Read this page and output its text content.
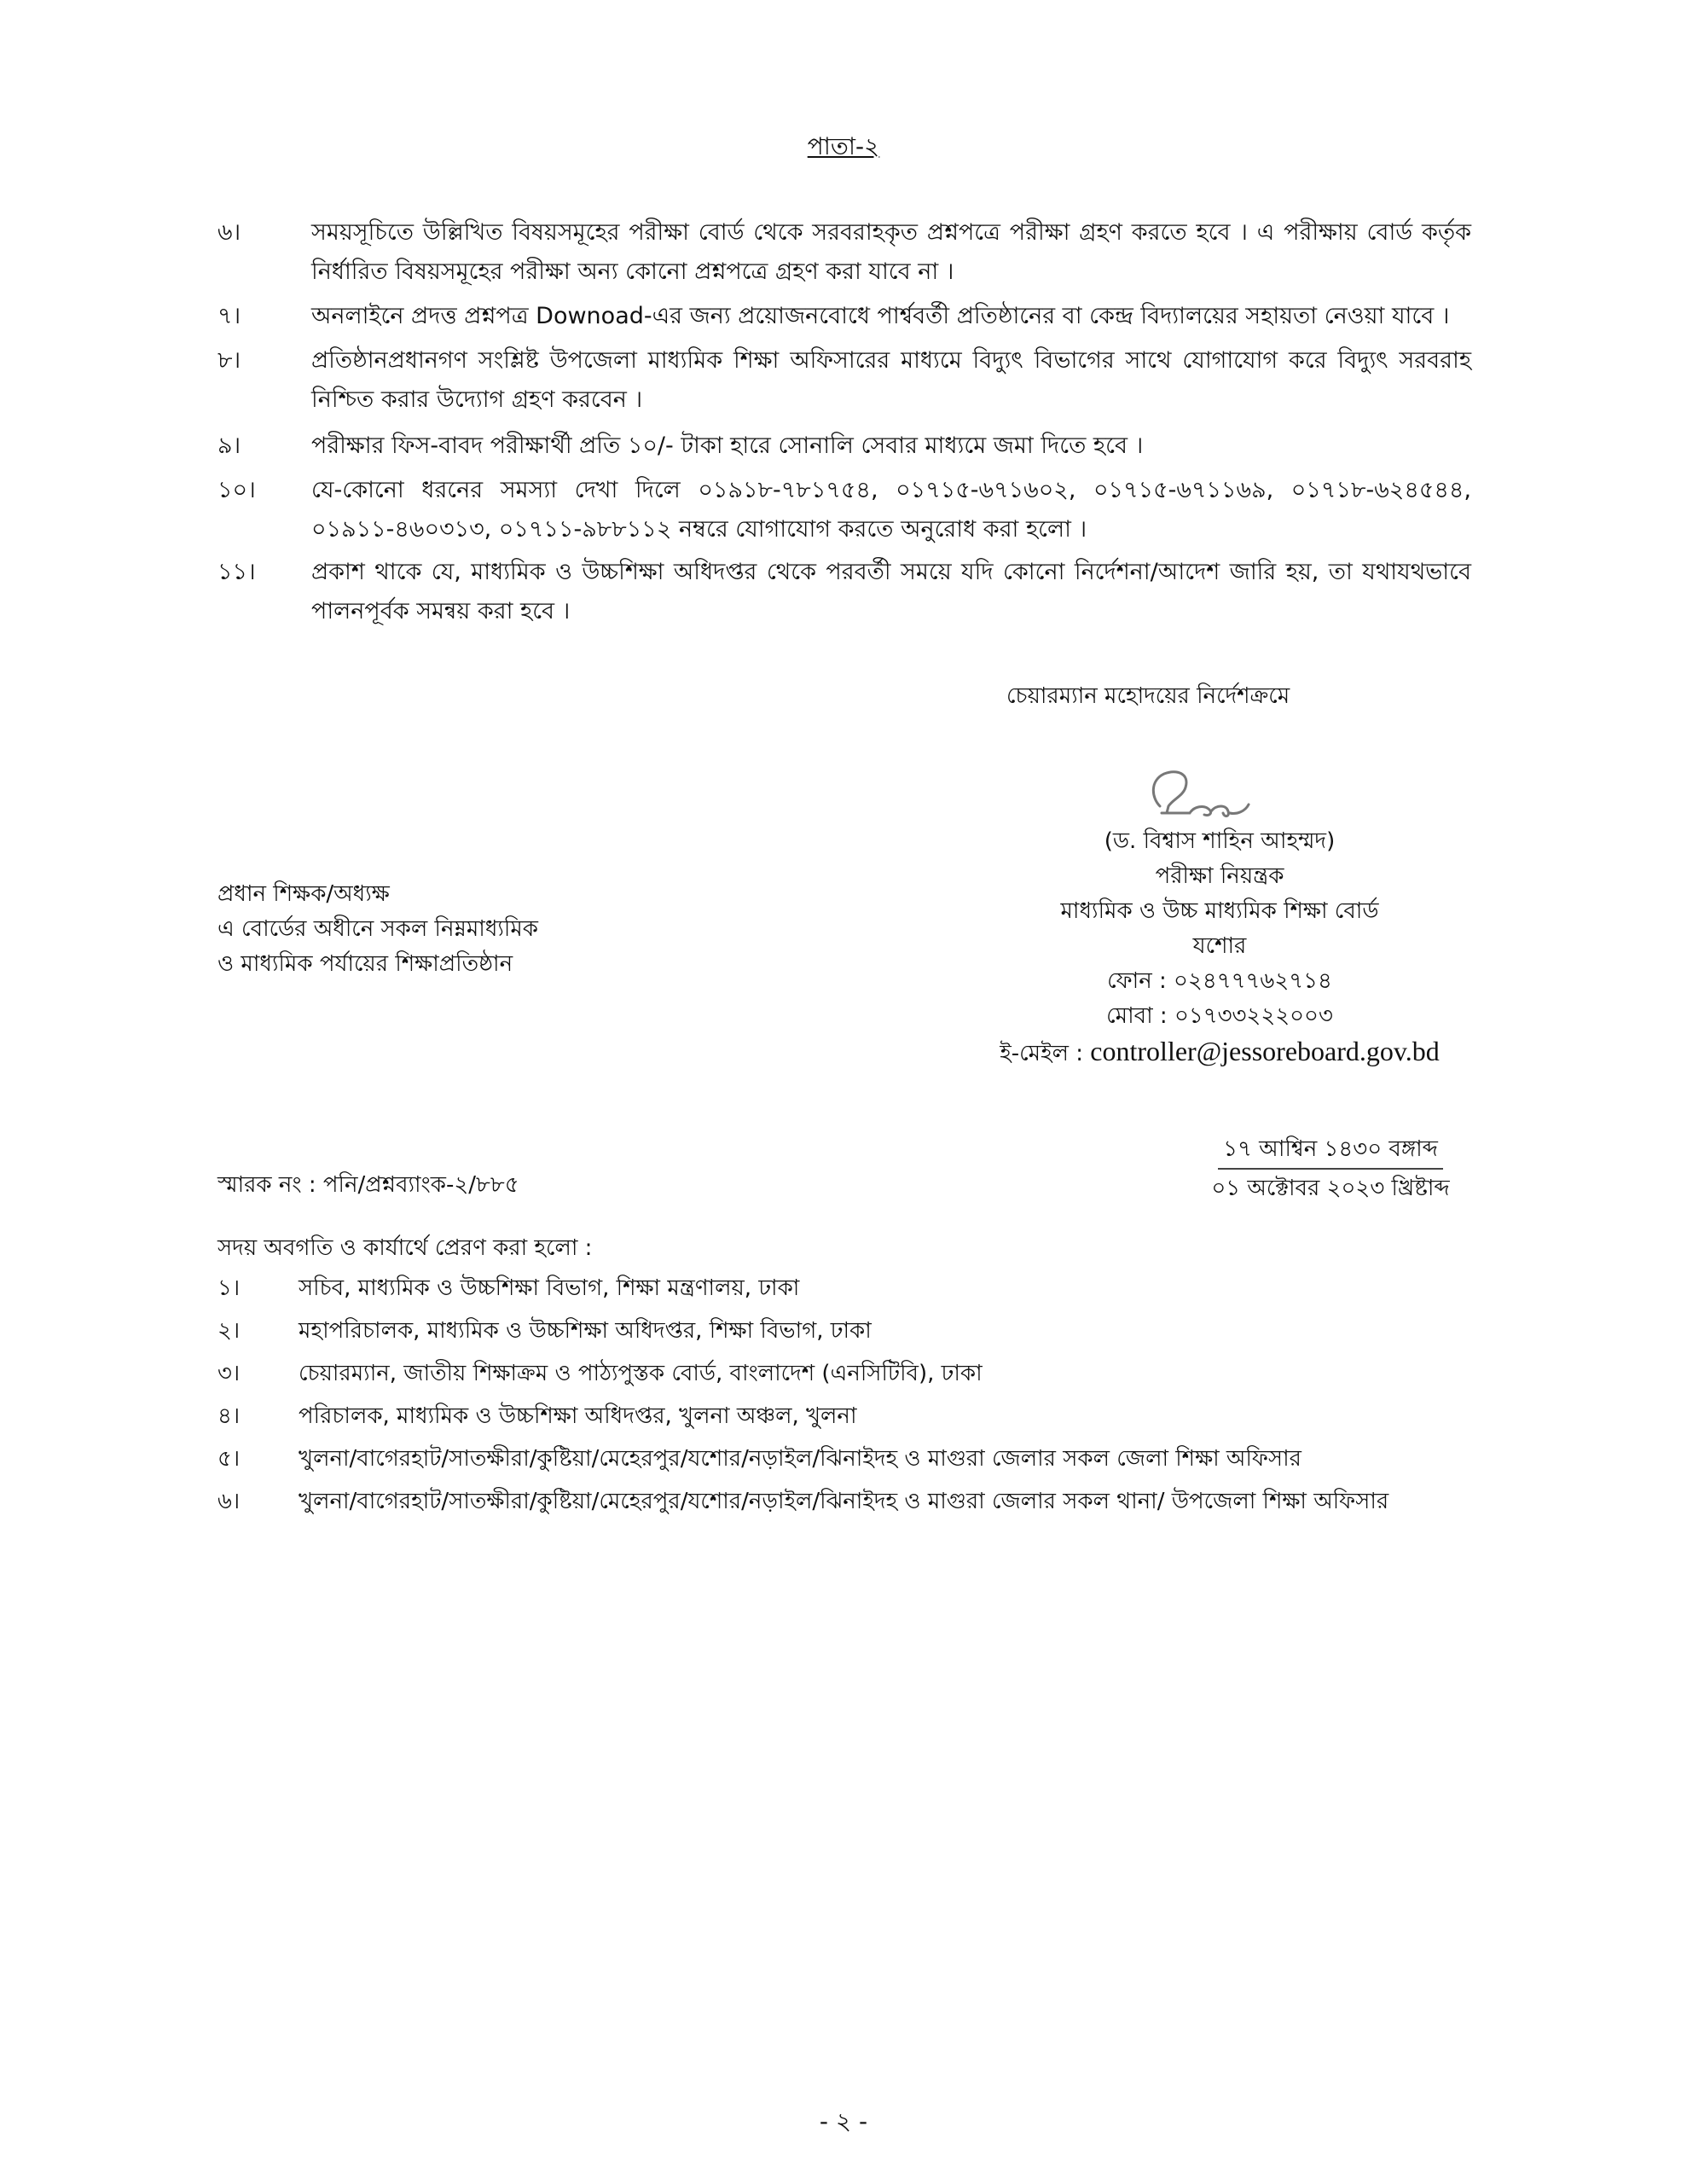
পাতা-২
৬।	সময়সূচিতে উল্লিখিত বিষয়সমূহের পরীক্ষা বোর্ড থেকে সরবরাহকৃত প্রশ্নপত্রে পরীক্ষা গ্রহণ করতে হবে । এ পরীক্ষায় বোর্ড কর্তৃক নির্ধারিত বিষয়সমূহের পরীক্ষা অন্য কোনো প্রশ্নপত্রে গ্রহণ করা যাবে না ।
৭।	অনলাইনে প্রদত্ত প্রশ্নপত্র Downoad-এর জন্য প্রয়োজনবোধে পার্শ্ববর্তী প্রতিষ্ঠানের বা কেন্দ্র বিদ্যালয়ের সহায়তা নেওয়া যাবে ।
৮।	প্রতিষ্ঠানপ্রধানগণ সংশ্লিষ্ট উপজেলা মাধ্যমিক শিক্ষা অফিসারের মাধ্যমে বিদ্যুৎ বিভাগের সাথে যোগাযোগ করে বিদ্যুৎ সরবরাহ নিশ্চিত করার উদ্যোগ গ্রহণ করবেন ।
৯।	পরীক্ষার ফিস-বাবদ পরীক্ষার্থী প্রতি ১০/- টাকা হারে সোনালি সেবার মাধ্যমে জমা দিতে হবে ।
১০।	যে-কোনো ধরনের সমস্যা দেখা দিলে ০১৯১৮-৭৮১৭৫৪, ০১৭১৫-৬৭১৬০২, ০১৭১৫-৬৭১১৬৯, ০১৭১৮-৬২৪৫৪৪, ০১৯১১-৪৬০৩১৩, ০১৭১১-৯৮৮১১২ নম্বরে যোগাযোগ করতে অনুরোধ করা হলো ।
১১।	প্রকাশ থাকে যে, মাধ্যমিক ও উচ্চশিক্ষা অধিদপ্তর থেকে পরবর্তী সময়ে যদি কোনো নির্দেশনা/আদেশ জারি হয়, তা যথাযথভাবে পালনপূর্বক সমন্বয় করা হবে ।
চেয়ারম্যান মহোদয়ের নির্দেশক্রমে
(ড. বিশ্বাস শাহিন আহম্মদ)
পরীক্ষা নিয়ন্ত্রক
মাধ্যমিক ও উচ্চ মাধ্যমিক শিক্ষা বোর্ড
যশোর
ফোন : ০২৪৭৭৭৬২৭১৪
মোবা : ০১৭৩৩২২২০০৩
ই-মেইল : controller@jessoreboard.gov.bd
প্রধান শিক্ষক/অধ্যক্ষ
এ বোর্ডের অধীনে সকল নিম্নমাধ্যমিক
ও মাধ্যমিক পর্যায়ের শিক্ষাপ্রতিষ্ঠান
১৭ আশ্বিন ১৪৩০ বঙ্গাব্দ
০১ অক্টোবর ২০২৩ খ্রিষ্টাব্দ
স্মারক নং : পনি/প্রশ্নব্যাংক-২/৮৮৫
সদয় অবগতি ও কার্যার্থে প্রেরণ করা হলো :
১।	সচিব, মাধ্যমিক ও উচ্চশিক্ষা বিভাগ, শিক্ষা মন্ত্রণালয়, ঢাকা
২।	মহাপরিচালক, মাধ্যমিক ও উচ্চশিক্ষা অধিদপ্তর, শিক্ষা বিভাগ, ঢাকা
৩।	চেয়ারম্যান, জাতীয় শিক্ষাক্রম ও পাঠ্যপুস্তক বোর্ড, বাংলাদেশ (এনসিটিবি), ঢাকা
৪।	পরিচালক, মাধ্যমিক ও উচ্চশিক্ষা অধিদপ্তর, খুলনা অঞ্চল, খুলনা
৫।	খুলনা/বাগেরহাট/সাতক্ষীরা/কুষ্টিয়া/মেহেরপুর/যশোর/নড়াইল/ঝিনাইদহ ও মাগুরা জেলার সকল জেলা শিক্ষা অফিসার
৬।	খুলনা/বাগেরহাট/সাতক্ষীরা/কুষ্টিয়া/মেহেরপুর/যশোর/নড়াইল/ঝিনাইদহ ও মাগুরা জেলার সকল থানা/ উপজেলা শিক্ষা অফিসার
- ২ -
